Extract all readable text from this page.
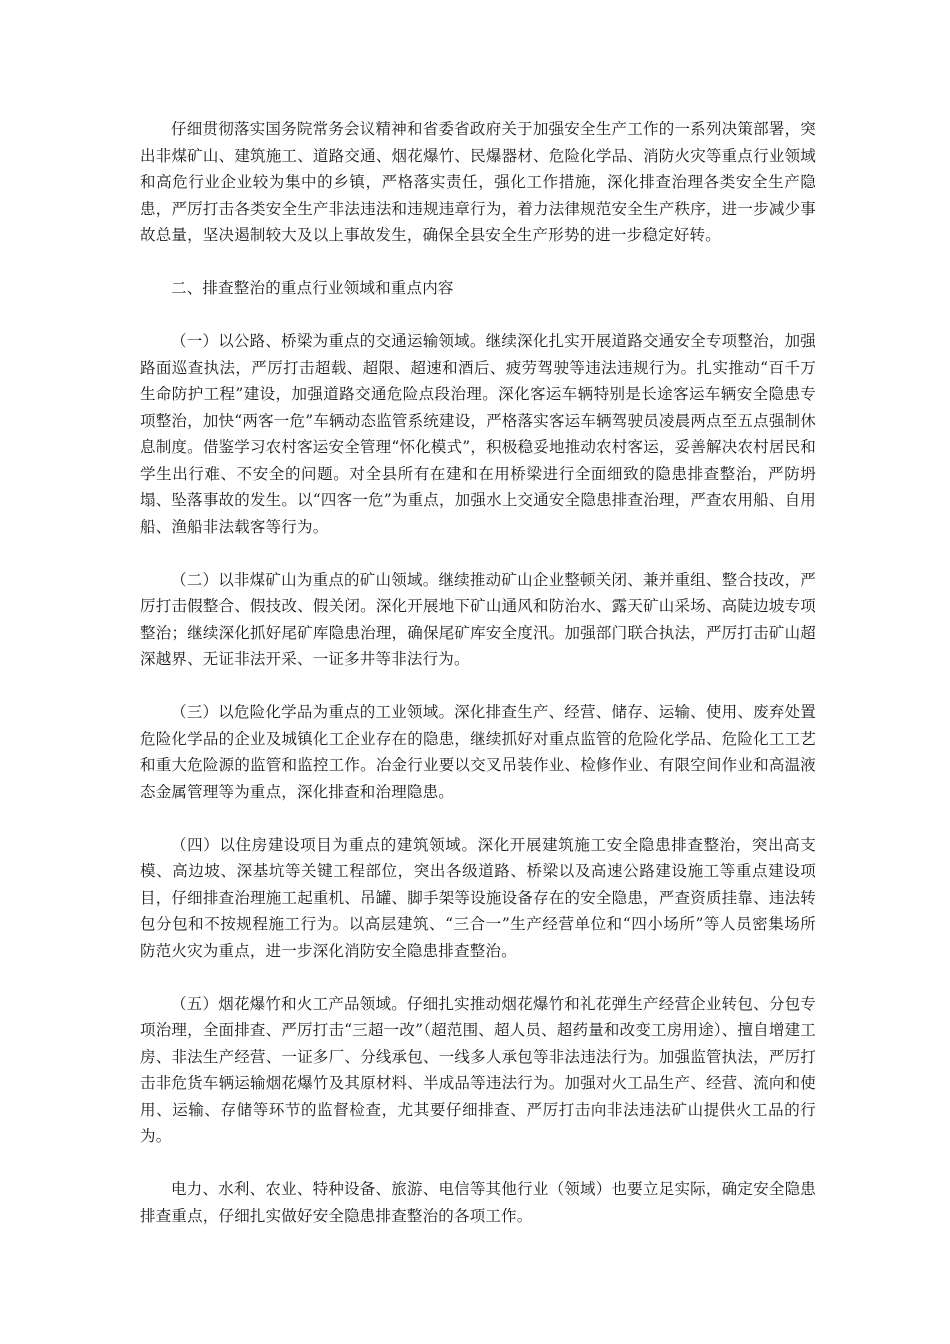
仔细贯彻落实国务院常务会议精神和省委省政府关于加强安全生产工作的一系列决策部署，突出非煤矿山、建筑施工、道路交通、烟花爆竹、民爆器材、危险化学品、消防火灾等重点行业领域和高危行业企业较为集中的乡镇，严格落实责任，强化工作措施，深化排查治理各类安全生产隐患，严厉打击各类安全生产非法违法和违规违章行为，着力法律规范安全生产秩序，进一步减少事故总量，坚决遏制较大及以上事故发生，确保全县安全生产形势的进一步稳定好转。

二、排查整治的重点行业领域和重点内容

（一）以公路、桥梁为重点的交通运输领域。继续深化扎实开展道路交通安全专项整治，加强路面巡查执法，严厉打击超载、超限、超速和酒后、疲劳驾驶等违法违规行为。扎实推动“百千万生命防护工程”建设，加强道路交通危险点段治理。深化客运车辆特别是长途客运车辆安全隐患专项整治，加快“两客一危”车辆动态监管系统建设，严格落实客运车辆驾驶员凌晨两点至五点强制休息制度。借鉴学习农村客运安全管理“怀化模式”，积极稳妥地推动农村客运，妥善解决农村居民和学生出行难、不安全的问题。对全县所有在建和在用桥梁进行全面细致的隐患排查整治，严防坍塌、坠落事故的发生。以“四客一危”为重点，加强水上交通安全隐患排查治理，严查农用船、自用船、渔船非法载客等行为。

（二）以非煤矿山为重点的矿山领域。继续推动矿山企业整顿关闭、兼并重组、整合技改，严厉打击假整合、假技改、假关闭。深化开展地下矿山通风和防治水、露天矿山采场、高陡边坡专项整治；继续深化抓好尾矿库隐患治理，确保尾矿库安全度汛。加强部门联合执法，严厉打击矿山超深越界、无证非法开采、一证多井等非法行为。

（三）以危险化学品为重点的工业领域。深化排查生产、经营、储存、运输、使用、废弃处置危险化学品的企业及城镇化工企业存在的隐患，继续抓好对重点监管的危险化学品、危险化工工艺和重大危险源的监管和监控工作。冶金行业要以交叉吊装作业、检修作业、有限空间作业和高温液态金属管理等为重点，深化排查和治理隐患。

（四）以住房建设项目为重点的建筑领域。深化开展建筑施工安全隐患排查整治，突出高支模、高边坡、深基坑等关键工程部位，突出各级道路、桥梁以及高速公路建设施工等重点建设项目，仔细排查治理施工起重机、吊罐、脚手架等设施设备存在的安全隐患，严查资质挂靠、违法转包分包和不按规程施工行为。以高层建筑、“三合一”生产经营单位和“四小场所”等人员密集场所防范火灾为重点，进一步深化消防安全隐患排查整治。

（五）烟花爆竹和火工产品领域。仔细扎实推动烟花爆竹和礼花弹生产经营企业转包、分包专项治理，全面排查、严厉打击“三超一改”（超范围、超人员、超药量和改变工房用途）、擅自增建工房、非法生产经营、一证多厂、分线承包、一线多人承包等非法违法行为。加强监管执法，严厉打击非危货车辆运输烟花爆竹及其原材料、半成品等违法行为。加强对火工品生产、经营、流向和使用、运输、存储等环节的监督检查，尤其要仔细排查、严厉打击向非法违法矿山提供火工品的行为。

电力、水利、农业、特种设备、旅游、电信等其他行业（领域）也要立足实际，确定安全隐患排查重点，仔细扎实做好安全隐患排查整治的各项工作。
